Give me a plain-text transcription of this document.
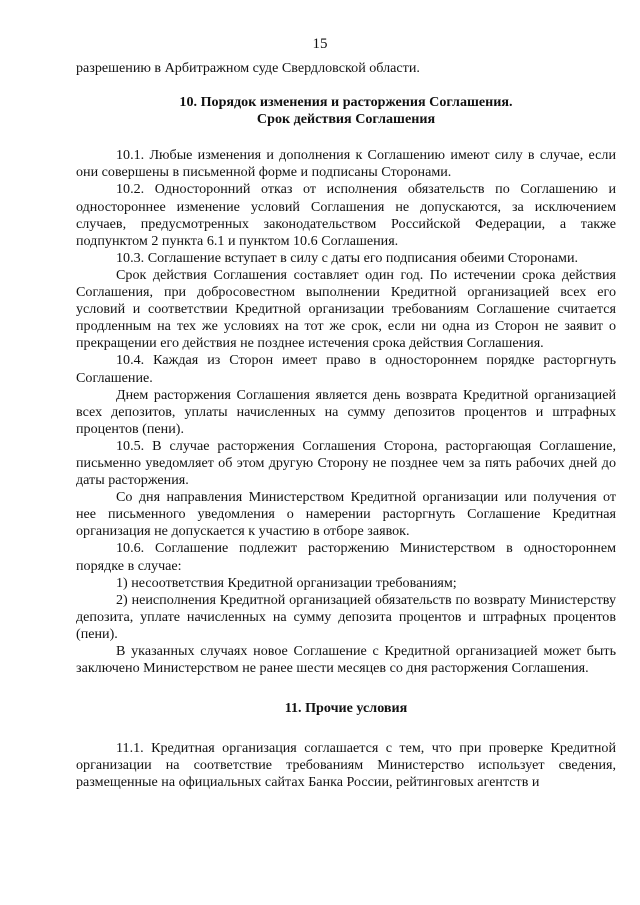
15

разрешению в Арбитражном суде Свердловской области.

10. Порядок изменения и расторжения Соглашения.
Срок действия Соглашения

10.1. Любые изменения и дополнения к Соглашению имеют силу в случае, если они совершены в письменной форме и подписаны Сторонами.

10.2. Односторонний отказ от исполнения обязательств по Соглашению и одностороннее изменение условий Соглашения не допускаются, за исключением случаев, предусмотренных законодательством Российской Федерации, а также подпунктом 2 пункта 6.1 и пунктом 10.6 Соглашения.

10.3. Соглашение вступает в силу с даты его подписания обеими Сторонами.

Срок действия Соглашения составляет один год. По истечении срока действия Соглашения, при добросовестном выполнении Кредитной организацией всех его условий и соответствии Кредитной организации требованиям Соглашение считается продленным на тех же условиях на тот же срок, если ни одна из Сторон не заявит о прекращении его действия не позднее истечения срока действия Соглашения.

10.4. Каждая из Сторон имеет право в одностороннем порядке расторгнуть Соглашение.

Днем расторжения Соглашения является день возврата Кредитной организацией всех депозитов, уплаты начисленных на сумму депозитов процентов и штрафных процентов (пени).

10.5. В случае расторжения Соглашения Сторона, расторгающая Соглашение, письменно уведомляет об этом другую Сторону не позднее чем за пять рабочих дней до даты расторжения.

Со дня направления Министерством Кредитной организации или получения от нее письменного уведомления о намерении расторгнуть Соглашение Кредитная организация не допускается к участию в отборе заявок.

10.6. Соглашение подлежит расторжению Министерством в одностороннем порядке в случае:

1) несоответствия Кредитной организации требованиям;

2) неисполнения Кредитной организацией обязательств по возврату Министерству депозита, уплате начисленных на сумму депозита процентов и штрафных процентов (пени).

В указанных случаях новое Соглашение с Кредитной организацией может быть заключено Министерством не ранее шести месяцев со дня расторжения Соглашения.

11. Прочие условия

11.1. Кредитная организация соглашается с тем, что при проверке Кредитной организации на соответствие требованиям Министерство использует сведения, размещенные на официальных сайтах Банка России, рейтинговых агентств и
